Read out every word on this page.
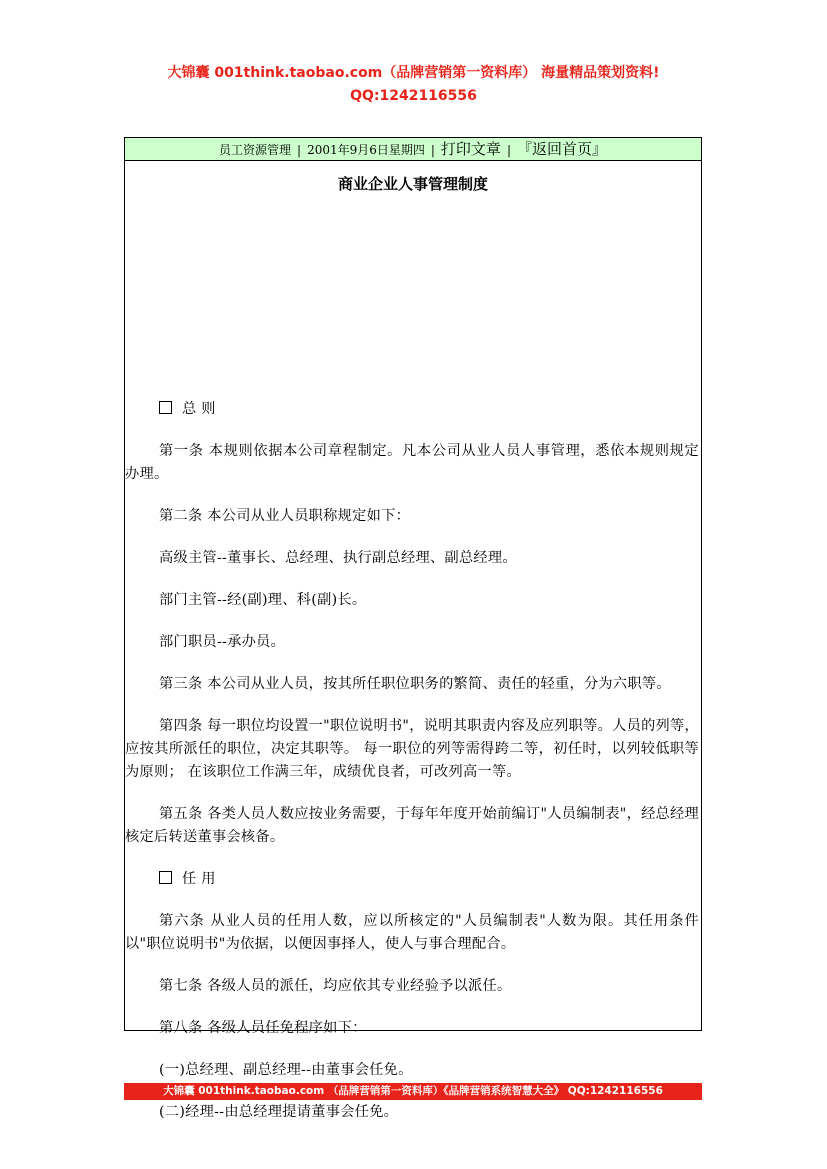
大锦囊 001think.taobao.com（品牌营销第一资料库） 海量精品策划资料!
QQ:1242116556
员工资源管理 | 2001年9月6日星期四 | 打印文章 | 『返回首页』
商业企业人事管理制度
总 则
第一条 本规则依据本公司章程制定。凡本公司从业人员人事管理，悉依本规则规定办理。
第二条 本公司从业人员职称规定如下：
高级主管--董事长、总经理、执行副总经理、副总经理。
部门主管--经(副)理、科(副)长。
部门职员--承办员。
第三条 本公司从业人员，按其所任职位职务的繁简、责任的轻重，分为六职等。
第四条 每一职位均设置一"职位说明书"，说明其职责内容及应列职等。人员的列等，应按其所派任的职位，决定其职等。 每一职位的列等需得跨二等，初任时，以列较低职等为原则； 在该职位工作满三年，成绩优良者，可改列高一等。
第五条 各类人员人数应按业务需要，于每年年度开始前编订"人员编制表"，经总经理核定后转送董事会核备。
任 用
第六条 从业人员的任用人数，应以所核定的"人员编制表"人数为限。其任用条件以"职位说明书"为依据，以便因事择人，使人与事合理配合。
第七条 各级人员的派任，均应依其专业经验予以派任。
第八条 各级人员任免程序如下：
(一)总经理、副总经理--由董事会任免。
(二)经理--由总经理提请董事会任免。
大锦囊 001think.taobao.com （品牌营销第一资料库）《品牌营销系统智慧大全》 QQ:1242116556
